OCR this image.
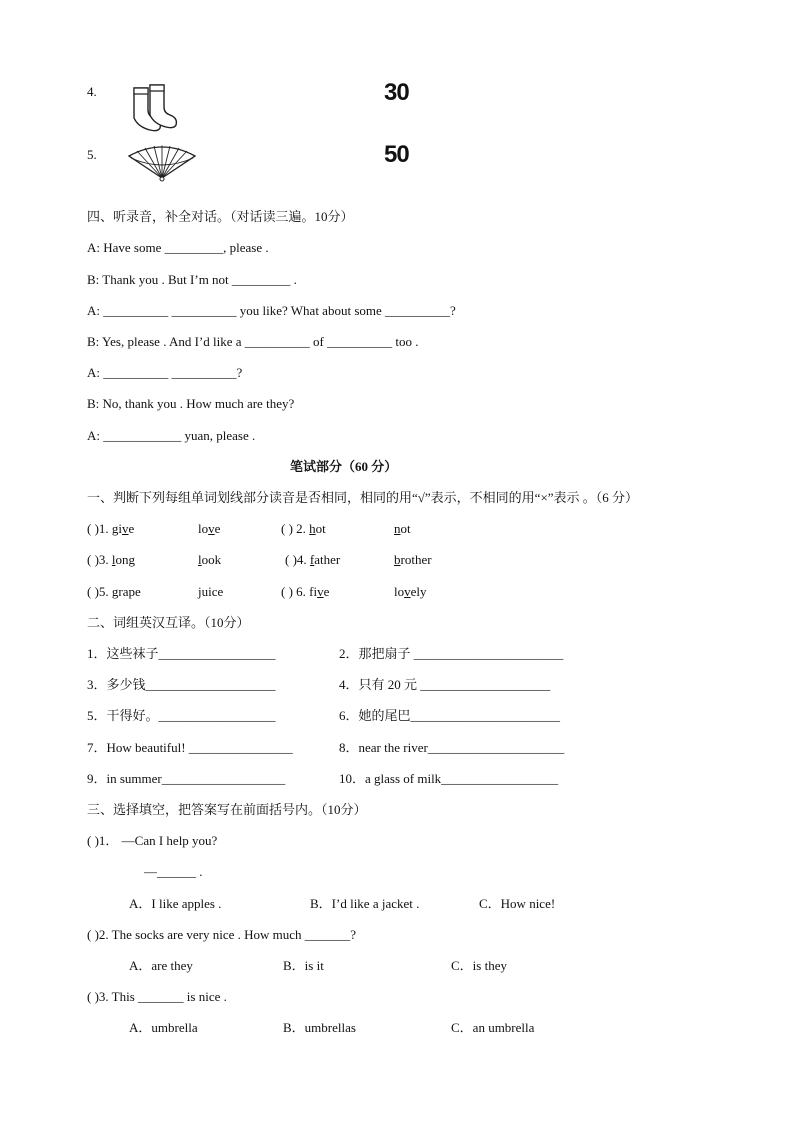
4.	30
5.	50
四、听录音，补全对话。（对话读三遍。10分）
A: Have some _________, please .
B: Thank you . But I’m not _________ .
A: __________ __________ you like? What about some __________?
B: Yes, please . And I’d like a __________ of __________ too .
A: __________ __________?
B: No, thank you . How much are they?
A: ____________ yuan, please .
笔试部分（60 分）
一、判断下列每组单词划线部分读音是否相同，相同的用“√”表示，不相同的用“×”表示 。（6 分）
( )1. give	love	( ) 2. hot	not
( )3. long	look	( )4. father	brother
( )5. grape	juice	( ) 6. five	lovely
二、词组英汉互译。（10分）
1．这些袜子__________________	2．那把扇子 _______________________
3．多少钱____________________	4．只有 20 元 ____________________
5．干得好。__________________	6．她的尾巴_______________________
7．How beautiful! ________________	8．near the river_____________________
9．in summer___________________	10．a glass of milk__________________
三、选择填空，把答案写在前面括号内。（10分）
( )1． —Can I help you?
—______ .
A．I like apples .	B．I’d like a jacket .	C．How nice!
( )2. The socks are very nice . How much _______?
A．are they	B．is it	C．is they
( )3. This _______ is nice .
A．umbrella	B．umbrellas	C．an umbrella
